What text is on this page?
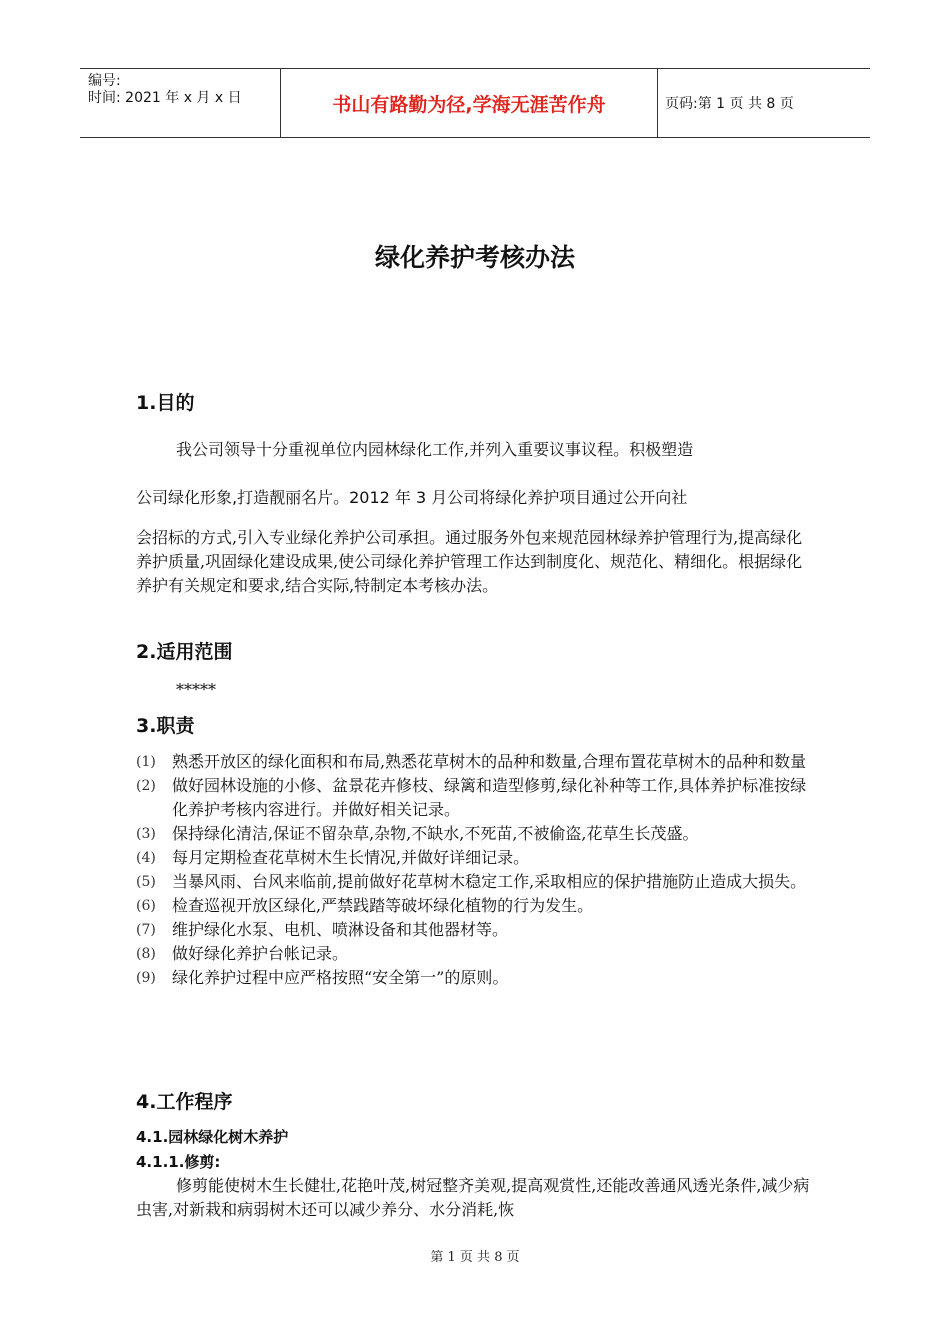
编号:
时间: 2021 年 x 月 x 日	书山有路勤为径,学海无涯苦作舟	页码:第 1 页 共 8 页
绿化养护考核办法
1.目的
我公司领导十分重视单位内园林绿化工作,并列入重要议事议程。积极塑造
公司绿化形象,打造靓丽名片。2012 年 3 月公司将绿化养护项目通过公开向社
会招标的方式,引入专业绿化养护公司承担。通过服务外包来规范园林绿养护管理行为,提高绿化养护质量,巩固绿化建设成果,使公司绿化养护管理工作达到制度化、规范化、精细化。根据绿化养护有关规定和要求,结合实际,特制定本考核办法。
2.适用范围
*****
3.职责
(1) 熟悉开放区的绿化面积和布局,熟悉花草树木的品种和数量,合理布置花草树木的品种和数量
(2) 做好园林设施的小修、盆景花卉修枝、绿篱和造型修剪,绿化补种等工作,具体养护标准按绿化养护考核内容进行。并做好相关记录。
(3) 保持绿化清洁,保证不留杂草,杂物,不缺水,不死苗,不被偷盗,花草生长茂盛。
(4) 每月定期检查花草树木生长情况,并做好详细记录。
(5) 当暴风雨、台风来临前,提前做好花草树木稳定工作,采取相应的保护措施防止造成大损失。
(6) 检查巡视开放区绿化,严禁践踏等破坏绿化植物的行为发生。
(7) 维护绿化水泵、电机、喷淋设备和其他器材等。
(8) 做好绿化养护台帐记录。
(9) 绿化养护过程中应严格按照“安全第一”的原则。
4.工作程序
4.1.园林绿化树木养护
4.1.1.修剪:
修剪能使树木生长健壮,花艳叶茂,树冠整齐美观,提高观赏性,还能改善通风透光条件,减少病虫害,对新栽和病弱树木还可以减少养分、水分消耗,恢
第 1 页 共 8 页
